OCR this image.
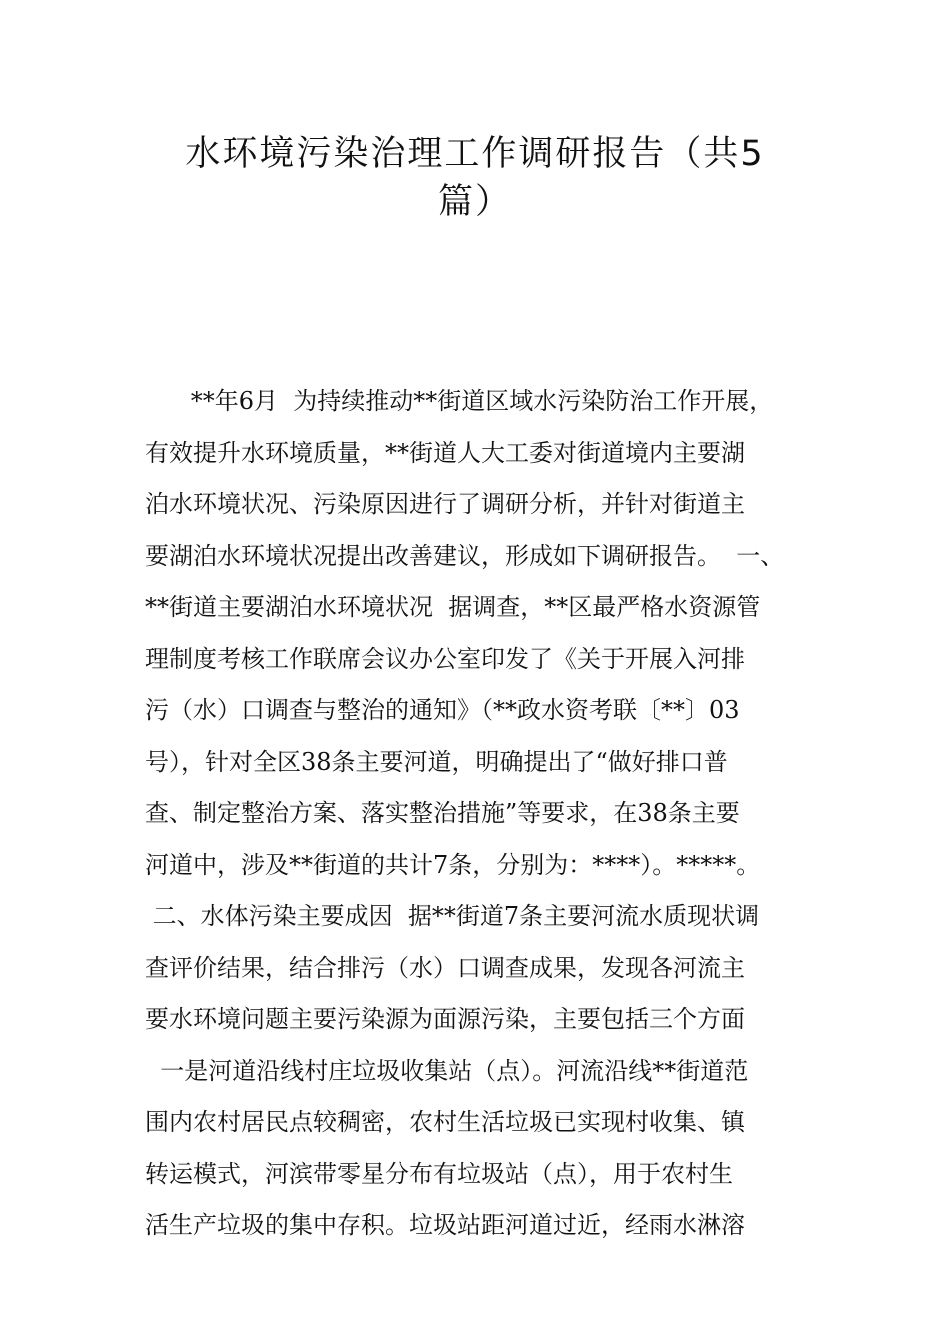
水环境污染治理工作调研报告（共5
篇）
**年6月  为持续推动**街道区域水污染防治工作开展，
有效提升水环境质量，**街道人大工委对街道境内主要湖
泊水环境状况、污染原因进行了调研分析，并针对街道主
要湖泊水环境状况提出改善建议，形成如下调研报告。  一、
**街道主要湖泊水环境状况  据调查，**区最严格水资源管
理制度考核工作联席会议办公室印发了《关于开展入河排
污（水）口调查与整治的通知》（**政水资考联〔**〕03
号），针对全区38条主要河道，明确提出了“做好排口普
查、制定整治方案、落实整治措施”等要求，在38条主要
河道中，涉及**街道的共计7条，分别为：****）。*****。
二、水体污染主要成因  据**街道7条主要河流水质现状调
查评价结果，结合排污（水）口调查成果，发现各河流主
要水环境问题主要污染源为面源污染，主要包括三个方面
一是河道沿线村庄垃圾收集站（点）。河流沿线**街道范
围内农村居民点较稠密，农村生活垃圾已实现村收集、镇
转运模式，河滨带零星分布有垃圾站（点），用于农村生
活生产垃圾的集中存积。垃圾站距河道过近，经雨水淋溶
